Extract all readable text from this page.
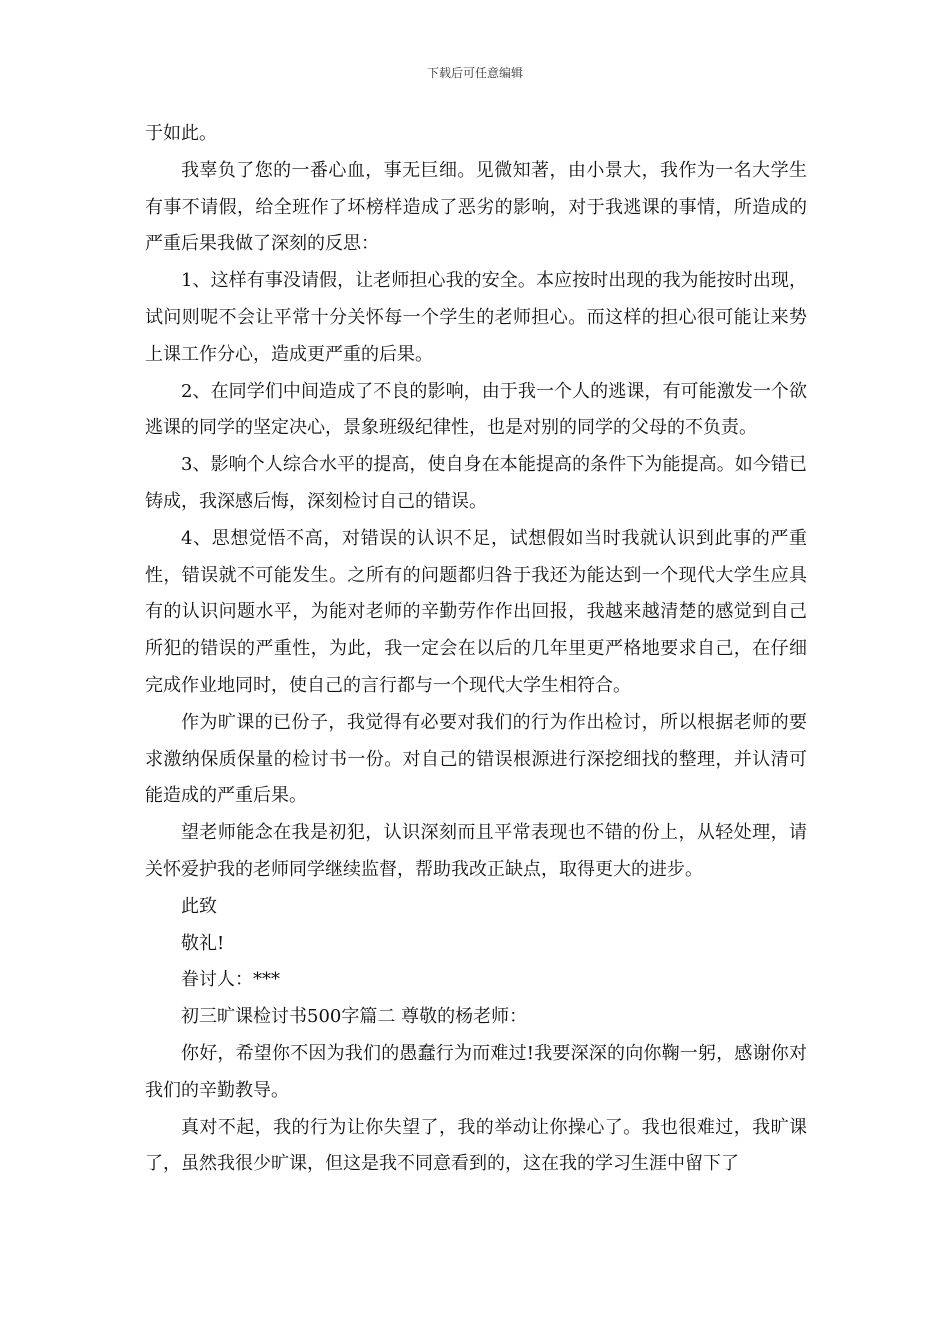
下载后可任意编辑

于如此。

我辜负了您的一番心血，事无巨细。见微知著，由小景大，我作为一名大学生有事不请假，给全班作了坏榜样造成了恶劣的影响，对于我逃课的事情，所造成的严重后果我做了深刻的反思：

1、这样有事没请假，让老师担心我的安全。本应按时出现的我为能按时出现，试问则呢不会让平常十分关怀每一个学生的老师担心。而这样的担心很可能让来势上课工作分心，造成更严重的后果。

2、在同学们中间造成了不良的影响，由于我一个人的逃课，有可能激发一个欲逃课的同学的坚定决心，景象班级纪律性，也是对别的同学的父母的不负责。

3、影响个人综合水平的提高，使自身在本能提高的条件下为能提高。如今错已铸成，我深感后悔，深刻检讨自己的错误。

4、思想觉悟不高，对错误的认识不足，试想假如当时我就认识到此事的严重性，错误就不可能发生。之所有的问题都归咎于我还为能达到一个现代大学生应具有的认识问题水平，为能对老师的辛勤劳作作出回报，我越来越清楚的感觉到自己所犯的错误的严重性，为此，我一定会在以后的几年里更严格地要求自己，在仔细完成作业地同时，使自己的言行都与一个现代大学生相符合。

作为旷课的已份子，我觉得有必要对我们的行为作出检讨，所以根据老师的要求激纳保质保量的检讨书一份。对自己的错误根源进行深挖细找的整理，并认清可能造成的严重后果。

望老师能念在我是初犯，认识深刻而且平常表现也不错的份上，从轻处理，请关怀爱护我的老师同学继续监督，帮助我改正缺点，取得更大的进步。

此致

敬礼!

眷讨人：***

初三旷课检讨书500字篇二 尊敬的杨老师：

你好，希望你不因为我们的愚蠢行为而难过!我要深深的向你鞠一躬，感谢你对我们的辛勤教导。

真对不起，我的行为让你失望了，我的举动让你操心了。我也很难过，我旷课了，虽然我很少旷课，但这是我不同意看到的，这在我的学习生涯中留下了
